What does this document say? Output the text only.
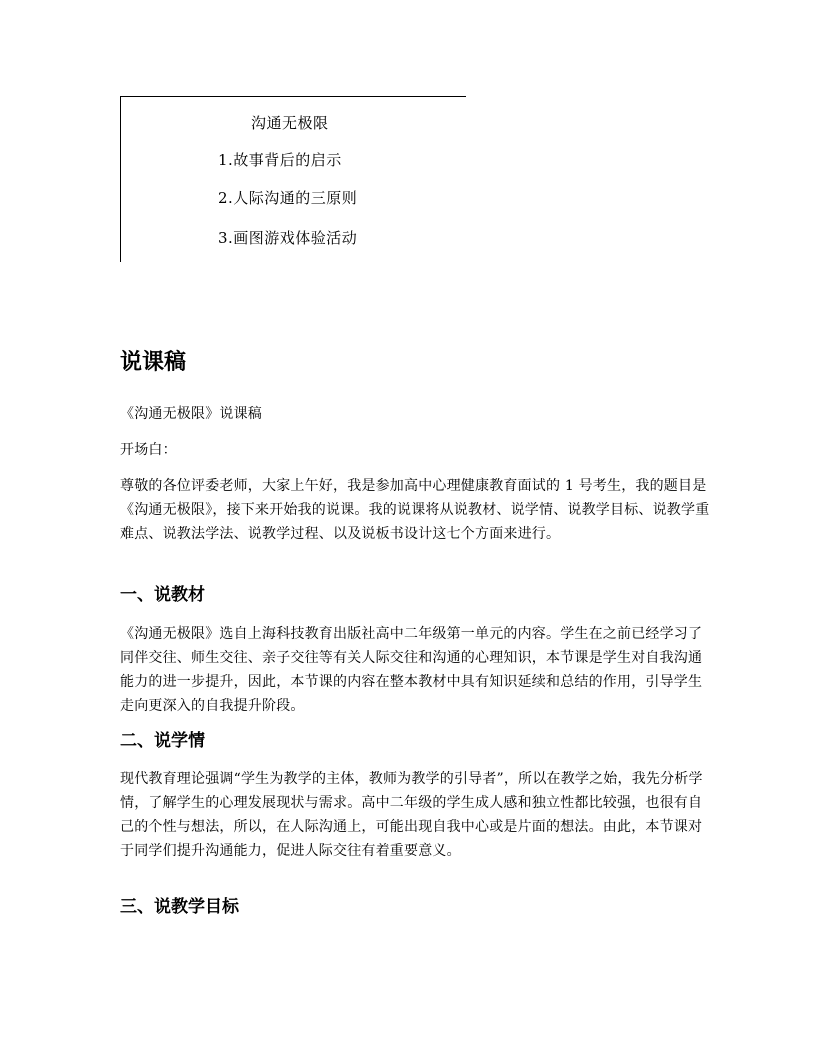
沟通无极限
1.故事背后的启示
2.人际沟通的三原则
3.画图游戏体验活动
说课稿

《沟通无极限》说课稿

开场白：

尊敬的各位评委老师，大家上午好，我是参加高中心理健康教育面试的 1 号考生，我的题目是《沟通无极限》，接下来开始我的说课。我的说课将从说教材、说学情、说教学目标、说教学重难点、说教法学法、说教学过程、以及说板书设计这七个方面来进行。

一、说教材

《沟通无极限》选自上海科技教育出版社高中二年级第一单元的内容。学生在之前已经学习了同伴交往、师生交往、亲子交往等有关人际交往和沟通的心理知识，本节课是学生对自我沟通能力的进一步提升，因此，本节课的内容在整本教材中具有知识延续和总结的作用，引导学生走向更深入的自我提升阶段。

二、说学情

现代教育理论强调“学生为教学的主体，教师为教学的引导者”，所以在教学之始，我先分析学情，了解学生的心理发展现状与需求。高中二年级的学生成人感和独立性都比较强，也很有自己的个性与想法，所以，在人际沟通上，可能出现自我中心或是片面的想法。由此，本节课对于同学们提升沟通能力，促进人际交往有着重要意义。

三、说教学目标
